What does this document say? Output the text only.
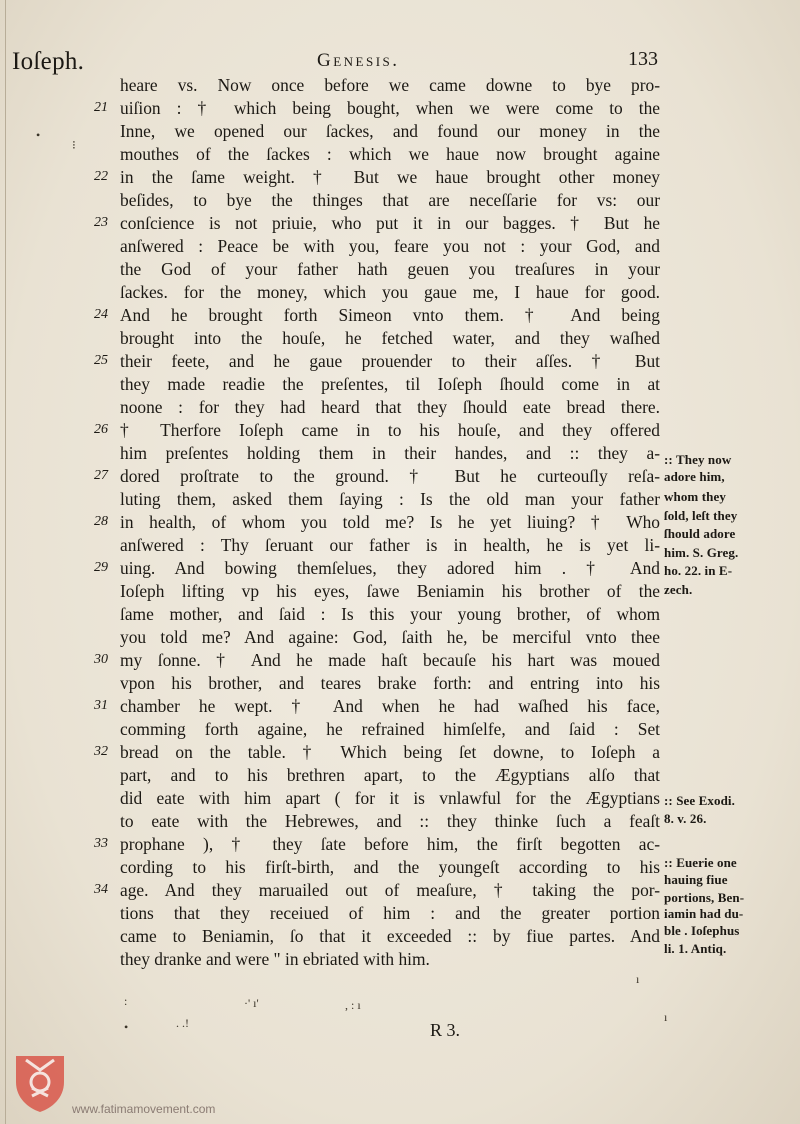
Ioſeph.	Genesis.	133
21
22
23
24
25
26
27
28
29
30
31
32
33
34
heare vs. Now once before we came downe to bye pro-
uiſion : † which being bought, when we were come to the
Inne, we opened our ſackes, and found our money in the
mouthes of the ſackes : which we haue now brought againe
in the ſame weight. † But we haue brought other money
beſides, to bye the thinges that are neceſſarie for vs: our
conſcience is not priuie, who put it in our bagges. † But he
anſwered : Peace be with you, feare you not : your God, and
the God of your father hath geuen you treaſures in your
ſackes. for the money, which you gaue me, I haue for good.
And he brought forth Simeon vnto them. † And being
brought into the houſe, he fetched water, and they waſhed
their feete, and he gaue prouender to their aſſes. † But
they made readie the preſentes, til Ioſeph ſhould come in at
noone : for they had heard that they ſhould eate bread there.
† Therfore Ioſeph came in to his houſe, and they offered
him preſentes holding them in their handes, and :: they a-
dored proſtrate to the ground. † But he curteouſly reſa-
luting them, asked them ſaying : Is the old man your father
in health, of whom you told me? Is he yet liuing? † Who
anſwered : Thy ſeruant our father is in health, he is yet li-
uing. And bowing themſelues, they adored him . † And
Ioſeph lifting vp his eyes, ſawe Beniamin his brother of the
ſame mother, and ſaid : Is this your young brother, of whom
you told me? And againe: God, ſaith he, be merciful vnto thee
my ſonne. † And he made haſt becauſe his hart was moued
vpon his brother, and teares brake forth: and entring into his
chamber he wept. † And when he had waſhed his face,
comming forth againe, he refrained himſelfe, and ſaid : Set
bread on the table. † Which being ſet downe, to Ioſeph a
part, and to his brethren apart, to the Ægyptians alſo that
did eate with him apart ( for it is vnlawful for the Ægyptians
to eate with the Hebrewes, and :: they thinke ſuch a feaſt
prophane ), † they ſate before him, the firſt begotten ac-
cording to his firſt-birth, and the youngeſt according to his
age. And they maruailed out of meaſure, † taking the por-
tions that they receiued of him : and the greater portion
came to Beniamin, ſo that it exceeded :: by fiue partes. And
they dranke and were " in ebriated with him.
:: They now
adore him,
whom they
ſold, leſt they
ſhould adore
him. S. Greg.
ho. 22. in E-
zech.
:: See Exodi.
8. v. 26.
:: Euerie one
hauing fiue
portions, Ben-
iamin had du-
ble . Ioſephus
li. 1. Antiq.
•
⁝
:
•	. .!
·' ı'	, : ı
ı
ı
R 3.
www.fatimamovement.com
